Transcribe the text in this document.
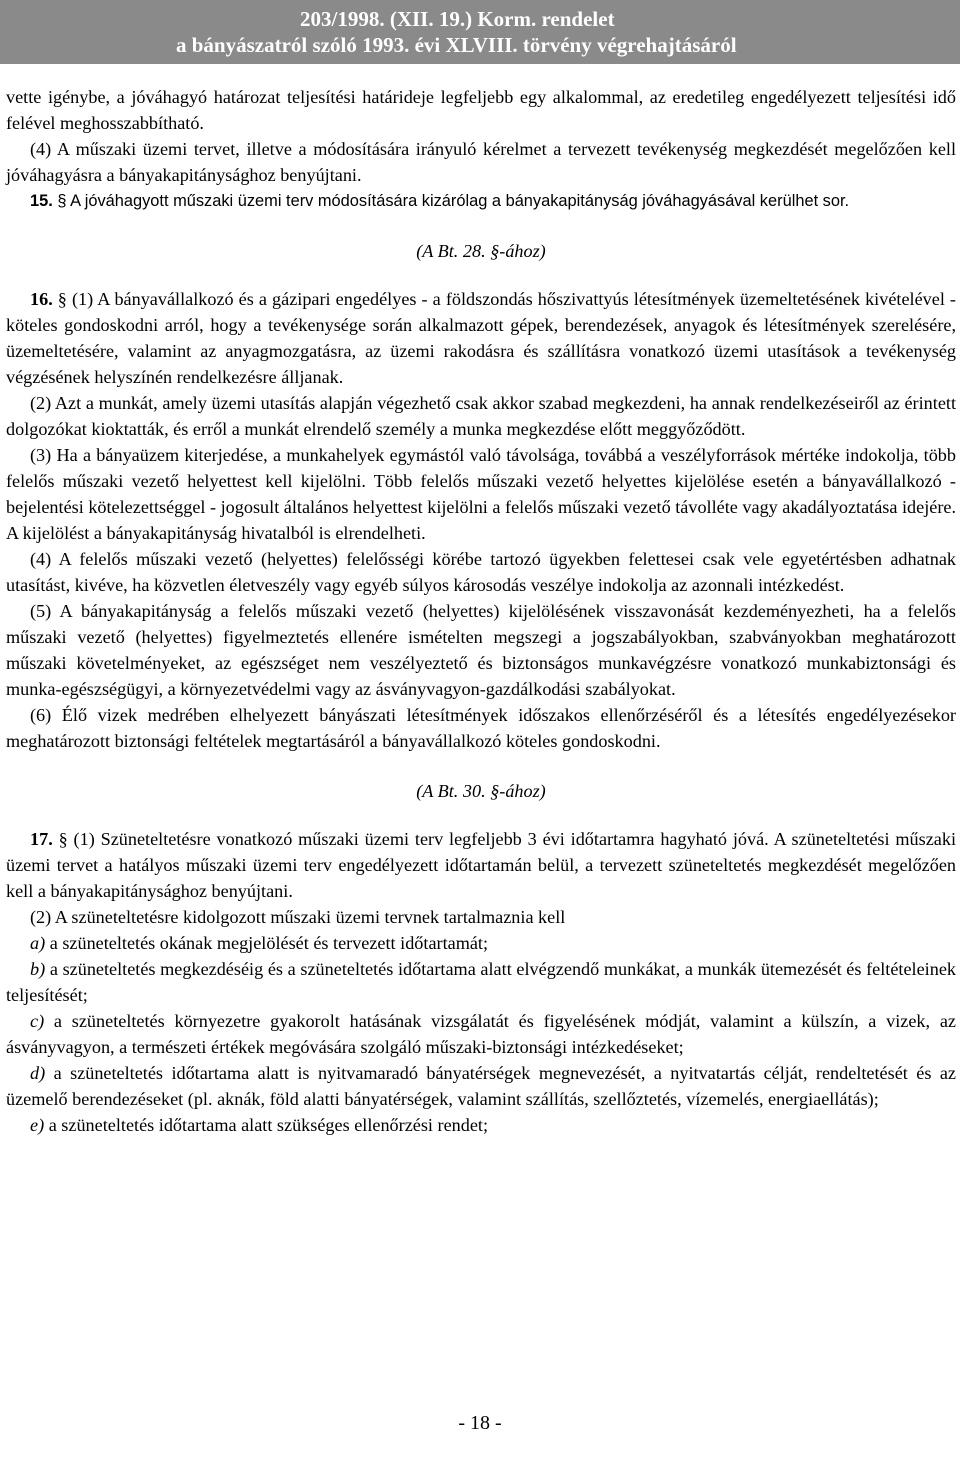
203/1998. (XII. 19.) Korm. rendelet
a bányászatról szóló 1993. évi XLVIII. törvény végrehajtásáról

vette igénybe, a jóváhagyó határozat teljesítési határideje legfeljebb egy alkalommal, az eredetileg engedélyezett teljesítési idő felével meghosszabbítható.

(4) A műszaki üzemi tervet, illetve a módosítására irányuló kérelmet a tervezett tevékenység megkezdését megelőzően kell jóváhagyásra a bányakapitánysághoz benyújtani.

15. § A jóváhagyott műszaki üzemi terv módosítására kizárólag a bányakapitányság jóváhagyásával kerülhet sor.

(A Bt. 28. §-ához)

16. § (1) A bányavállalkozó és a gázipari engedélyes - a földszondás hőszivattyús létesítmények üzemeltetésének kivételével - köteles gondoskodni arról, hogy a tevékenysége során alkalmazott gépek, berendezések, anyagok és létesítmények szerelésére, üzemeltetésére, valamint az anyagmozgatásra, az üzemi rakodásra és szállításra vonatkozó üzemi utasítások a tevékenység végzésének helyszínén rendelkezésre álljanak.

(2) Azt a munkát, amely üzemi utasítás alapján végezhető csak akkor szabad megkezdeni, ha annak rendelkezéseiről az érintett dolgozókat kioktatták, és erről a munkát elrendelő személy a munka megkezdése előtt meggyőződött.

(3) Ha a bányaüzem kiterjedése, a munkahelyek egymástól való távolsága, továbbá a veszélyforrások mértéke indokolja, több felelős műszaki vezető helyettest kell kijelölni. Több felelős műszaki vezető helyettes kijelölése esetén a bányavállalkozó - bejelentési kötelezettséggel - jogosult általános helyettest kijelölni a felelős műszaki vezető távolléte vagy akadályoztatása idejére. A kijelölést a bányakapitányság hivatalból is elrendelheti.

(4) A felelős műszaki vezető (helyettes) felelősségi körébe tartozó ügyekben felettesei csak vele egyetértésben adhatnak utasítást, kivéve, ha közvetlen életveszély vagy egyéb súlyos károsodás veszélye indokolja az azonnali intézkedést.

(5) A bányakapitányság a felelős műszaki vezető (helyettes) kijelölésének visszavonását kezdeményezheti, ha a felelős műszaki vezető (helyettes) figyelmeztetés ellenére ismételten megszegi a jogszabályokban, szabványokban meghatározott műszaki követelményeket, az egészséget nem veszélyeztető és biztonságos munkavégzésre vonatkozó munkabiztonsági és munka-egészségügyi, a környezetvédelmi vagy az ásványvagyon-gazdálkodási szabályokat.

(6) Élő vizek medrében elhelyezett bányászati létesítmények időszakos ellenőrzéséről és a létesítés engedélyezésekor meghatározott biztonsági feltételek megtartásáról a bányavállalkozó köteles gondoskodni.

(A Bt. 30. §-ához)

17. § (1) Szüneteltetésre vonatkozó műszaki üzemi terv legfeljebb 3 évi időtartamra hagyható jóvá. A szüneteltetési műszaki üzemi tervet a hatályos műszaki üzemi terv engedélyezett időtartamán belül, a tervezett szüneteltetés megkezdését megelőzően kell a bányakapitánysághoz benyújtani.

(2) A szüneteltetésre kidolgozott műszaki üzemi tervnek tartalmaznia kell

a) a szüneteltetés okának megjelölését és tervezett időtartamát;

b) a szüneteltetés megkezdéséig és a szüneteltetés időtartama alatt elvégzendő munkákat, a munkák ütemezését és feltételeinek teljesítését;

c) a szüneteltetés környezetre gyakorolt hatásának vizsgálatát és figyelésének módját, valamint a külszín, a vizek, az ásványvagyon, a természeti értékek megóvására szolgáló műszaki-biztonsági intézkedéseket;

d) a szüneteltetés időtartama alatt is nyitvamaradó bányatérségek megnevezését, a nyitvatartás célját, rendeltetését és az üzemelő berendezéseket (pl. aknák, föld alatti bányatérségek, valamint szállítás, szellőztetés, vízemelés, energiaellátás);

e) a szüneteltetés időtartama alatt szükséges ellenőrzési rendet;

- 18 -
